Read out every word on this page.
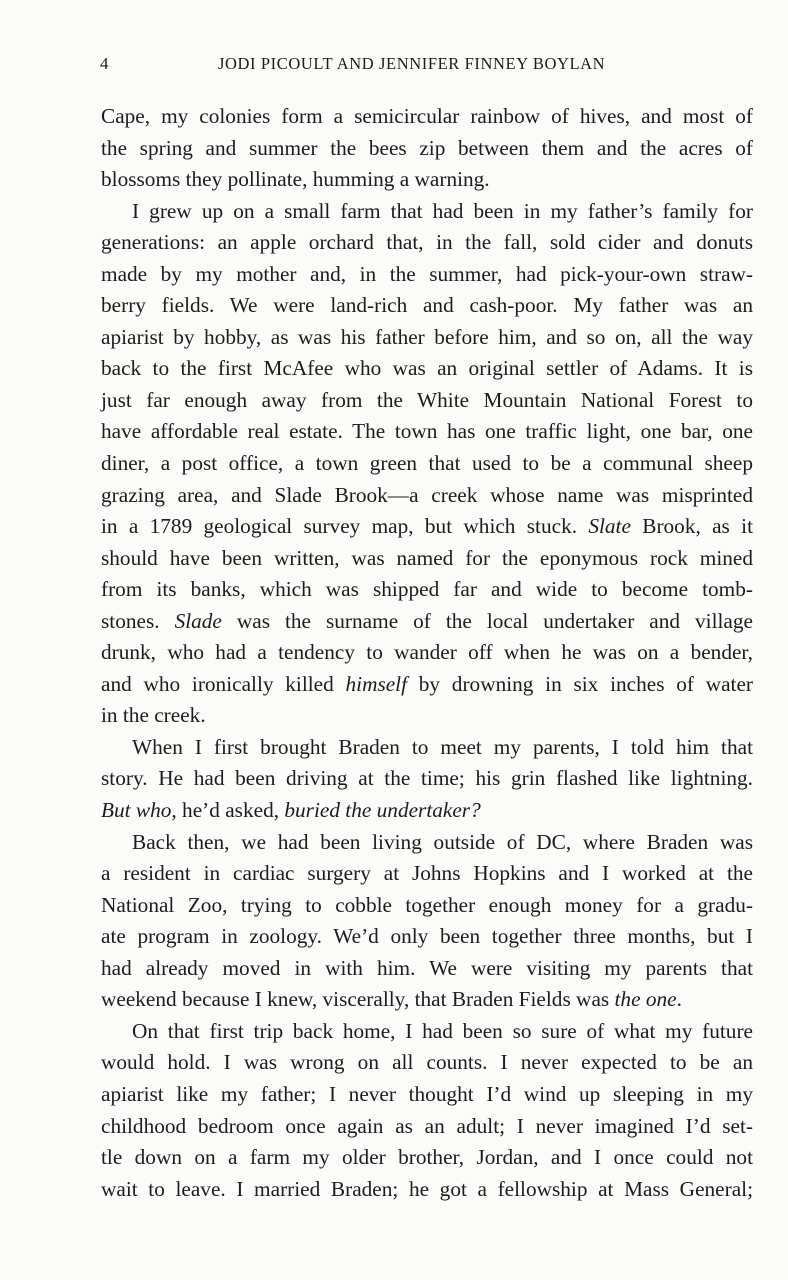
4	JODI PICOULT AND JENNIFER FINNEY BOYLAN
Cape, my colonies form a semicircular rainbow of hives, and most of
the spring and summer the bees zip between them and the acres of
blossoms they pollinate, humming a warning.
I grew up on a small farm that had been in my father’s family for
generations: an apple orchard that, in the fall, sold cider and donuts
made by my mother and, in the summer, had pick-your-own straw-
berry fields. We were land-rich and cash-poor. My father was an
apiarist by hobby, as was his father before him, and so on, all the way
back to the first McAfee who was an original settler of Adams. It is
just far enough away from the White Mountain National Forest to
have affordable real estate. The town has one traffic light, one bar, one
diner, a post office, a town green that used to be a communal sheep
grazing area, and Slade Brook—a creek whose name was misprinted
in a 1789 geological survey map, but which stuck. Slate Brook, as it
should have been written, was named for the eponymous rock mined
from its banks, which was shipped far and wide to become tomb-
stones. Slade was the surname of the local undertaker and village
drunk, who had a tendency to wander off when he was on a bender,
and who ironically killed himself by drowning in six inches of water
in the creek.
When I first brought Braden to meet my parents, I told him that
story. He had been driving at the time; his grin flashed like lightning.
But who, he’d asked, buried the undertaker?
Back then, we had been living outside of DC, where Braden was
a resident in cardiac surgery at Johns Hopkins and I worked at the
National Zoo, trying to cobble together enough money for a gradu-
ate program in zoology. We’d only been together three months, but I
had already moved in with him. We were visiting my parents that
weekend because I knew, viscerally, that Braden Fields was the one.
On that first trip back home, I had been so sure of what my future
would hold. I was wrong on all counts. I never expected to be an
apiarist like my father; I never thought I’d wind up sleeping in my
childhood bedroom once again as an adult; I never imagined I’d set-
tle down on a farm my older brother, Jordan, and I once could not
wait to leave. I married Braden; he got a fellowship at Mass General;
